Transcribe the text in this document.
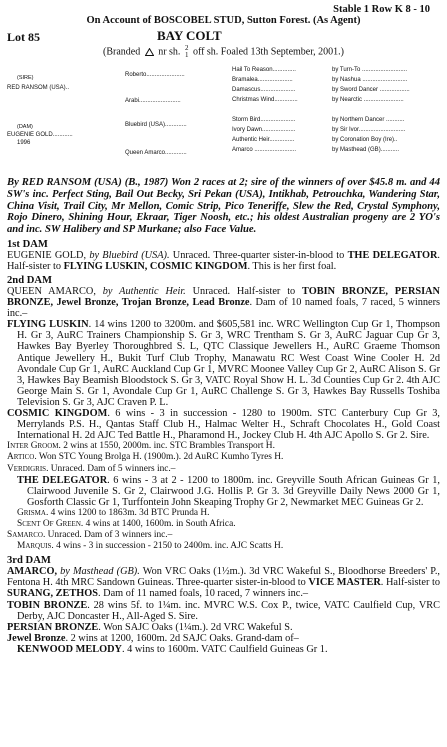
Stable 1 Row K 8 - 10
On Account of BOSCOBEL STUD, Sutton Forest. (As Agent)
Lot 85	BAY COLT
(Branded nr sh. 2
1 off sh. Foaled 13th September, 2001.)
(SIRE)
RED RANSOM (USA)..
Roberto.......................
Arabi.........................
Hail To Reason..............
Bramalea.....................
Damascus.....................
Christmas Wind..............
by Turn-To ...........................
by Nashua ...........................
by Sword Dancer ..................
by Nearctic ........................
(DAM)
EUGENIE GOLD............
1996
Bluebird (USA).............
Queen Amarco.............
Storm Bird.....................
Ivory Dawn....................
Authentic Heir...............
Amarco .........................
by Northern Dancer ...........
by Sir Ivor............................
by Coronation Boy (Ire)..
by Masthead (GB)...........
By RED RANSOM (USA) (B., 1987) Won 2 races at 2; sire of the winners of over $45.8 m. and 44 SW's inc. Perfect Sting, Bail Out Becky, Sri Pekan (USA), Intikhab, Petrouchka, Wandering Star, China Visit, Trail City, Mr Mellon, Comic Strip, Pico Teneriffe, Slew the Red, Crystal Symphony, Rojo Dinero, Shining Hour, Ekraar, Tiger Noosh, etc.; his oldest Australian progeny are 2 YO's and inc. SW Halibery and SP Murkane; also Face Value.
1st DAM
EUGENIE GOLD, by Bluebird (USA). Unraced. Three-quarter sister-in-blood to THE DELEGATOR. Half-sister to FLYING LUSKIN, COSMIC KINGDOM. This is her first foal.
2nd DAM
QUEEN AMARCO, by Authentic Heir. Unraced. Half-sister to TOBIN BRONZE, PERSIAN BRONZE, Jewel Bronze, Trojan Bronze, Lead Bronze. Dam of 10 named foals, 7 raced, 5 winners inc.–
FLYING LUSKIN. 14 wins 1200 to 3200m. and $605,581 inc. WRC Wellington Cup Gr 1, Thompson H. Gr 3, AuRC Trainers Championship S. Gr 3, WRC Trentham S. Gr 3, AuRC Jaguar Cup Gr 3, Hawkes Bay Byerley Thoroughbred S. L, QTC Classique Jewellers H., AuRC Graeme Thomson Antique Jewellery H., Bukit Turf Club Trophy, Manawatu RC West Coast Wine Cooler H. 2d Avondale Cup Gr 1, AuRC Auckland Cup Gr 1, MVRC Moonee Valley Cup Gr 2, AuRC Alison S. Gr 3, Hawkes Bay Beamish Bloodstock S. Gr 3, VATC Royal Show H. L. 3d Counties Cup Gr 2. 4th AJC George Main S. Gr 1, Avondale Cup Gr 1, AuRC Challenge S. Gr 3, Hawkes Bay Russells Toshiba Television S. Gr 3, AJC Craven P. L.
COSMIC KINGDOM. 6 wins - 3 in succession - 1280 to 1900m. STC Canterbury Cup Gr 3, Merrylands P.S. H., Qantas Staff Club H., Halmac Welter H., Schraft Chocolates H., Gold Coast International H. 2d AJC Ted Battle H., Pharamond H., Jockey Club H. 4th AJC Apollo S. Gr 2. Sire.
Inter Groom. 2 wins at 1550, 2000m. inc. STC Brambles Transport H.
Artico. Won STC Young Brolga H. (1900m.). 2d AuRC Kumho Tyres H.
Verdigris. Unraced. Dam of 5 winners inc.–
THE DELEGATOR. 6 wins - 3 at 2 - 1200 to 1800m. inc. Greyville South African Guineas Gr 1, Clairwood Juvenile S. Gr 2, Clairwood J.G. Hollis P. Gr 3. 3d Greyville Daily News 2000 Gr 1, Gosforth Classic Gr 1, Turffontein John Skeaping Trophy Gr 2, Newmarket MEC Guineas Gr 2.
Grisma. 4 wins 1200 to 1863m. 3d BTC Prunda H.
Scent Of Green. 4 wins at 1400, 1600m. in South Africa.
Samarco. Unraced. Dam of 3 winners inc.–
Marquis. 4 wins - 3 in succession - 2150 to 2400m. inc. AJC Scatts H.
3rd DAM
AMARCO, by Masthead (GB). Won VRC Oaks (1½m.). 3d VRC Wakeful S., Bloodhorse Breeders' P., Fentona H. 4th MRC Sandown Guineas. Three-quarter sister-in-blood to VICE MASTER. Half-sister to SURANG, ZETHOS. Dam of 11 named foals, 10 raced, 7 winners inc.–
TOBIN BRONZE. 28 wins 5f. to 1¼m. inc. MVRC W.S. Cox P., twice, VATC Caulfield Cup, VRC Derby, AJC Doncaster H., All-Aged S. Sire.
PERSIAN BRONZE. Won SAJC Oaks (1¼m.). 2d VRC Wakeful S.
Jewel Bronze. 2 wins at 1200, 1600m. 2d SAJC Oaks. Grand-dam of–
KENWOOD MELODY. 4 wins to 1600m. VATC Caulfield Guineas Gr 1.
